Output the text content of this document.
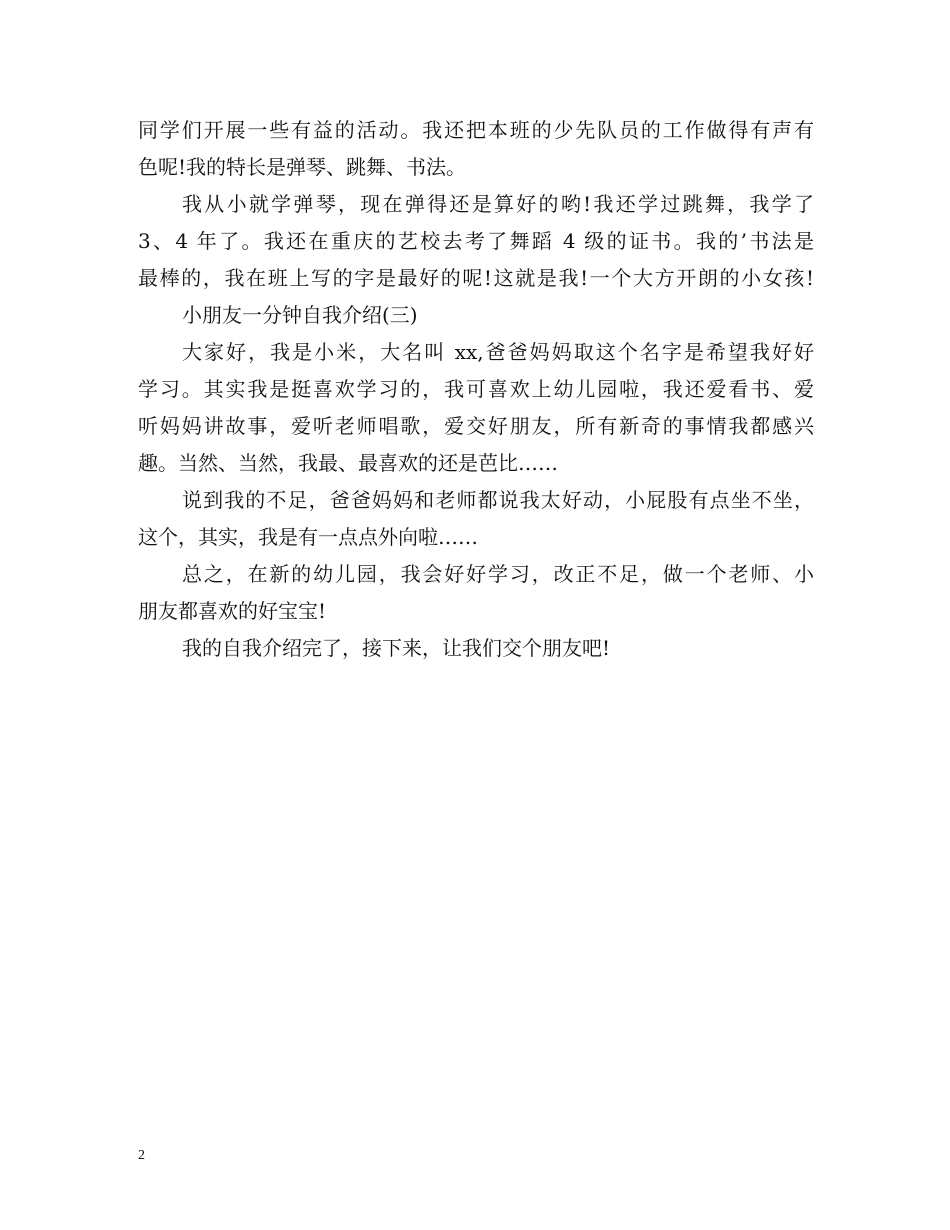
同学们开展一些有益的活动。我还把本班的少先队员的工作做得有声有
色呢!我的特长是弹琴、跳舞、书法。
我从小就学弹琴，现在弹得还是算好的哟!我还学过跳舞，我学了
3、4 年了。我还在重庆的艺校去考了舞蹈 4 级的证书。我的’书法是
最棒的，我在班上写的字是最好的呢!这就是我!一个大方开朗的小女孩!
小朋友一分钟自我介绍(三)
大家好，我是小米，大名叫 xx,爸爸妈妈取这个名字是希望我好好
学习。其实我是挺喜欢学习的，我可喜欢上幼儿园啦，我还爱看书、爱
听妈妈讲故事，爱听老师唱歌，爱交好朋友，所有新奇的事情我都感兴
趣。当然、当然，我最、最喜欢的还是芭比……
说到我的不足，爸爸妈妈和老师都说我太好动，小屁股有点坐不坐，
这个，其实，我是有一点点外向啦……
总之，在新的幼儿园，我会好好学习，改正不足，做一个老师、小
朋友都喜欢的好宝宝!
我的自我介绍完了，接下来，让我们交个朋友吧!
2
